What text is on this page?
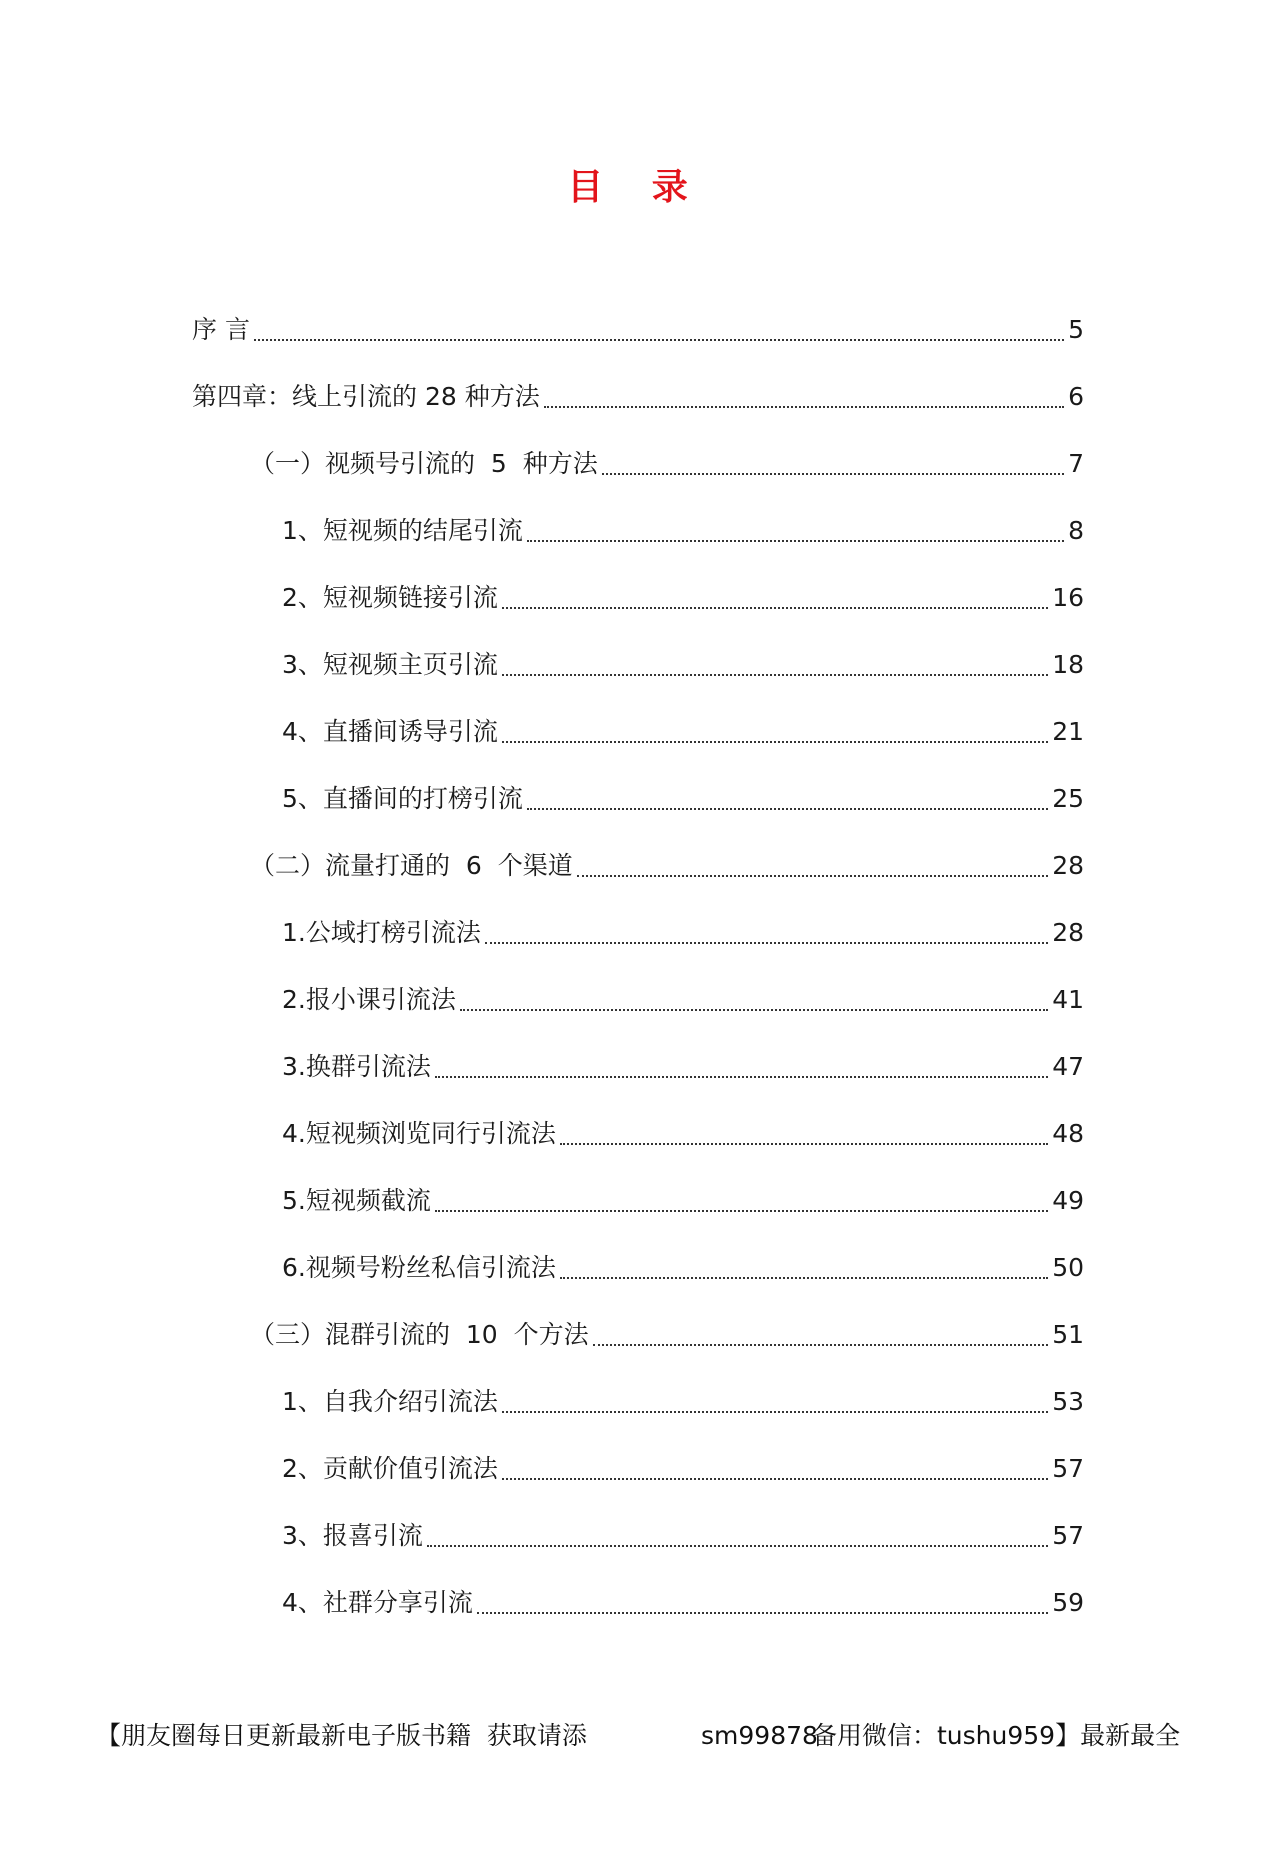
目 录
序 言	5
第四章：线上引流的 28 种方法	6
（一）视频号引流的  5  种方法	7
1、短视频的结尾引流	8
2、短视频链接引流	16
3、短视频主页引流	18
4、直播间诱导引流	21
5、直播间的打榜引流	25
（二）流量打通的  6  个渠道	28
1.公域打榜引流法	28
2.报小课引流法	41
3.换群引流法	47
4.短视频浏览同行引流法	48
5.短视频截流	49
6.视频号粉丝私信引流法	50
（三）混群引流的  10  个方法	51
1、自我介绍引流法	53
2、贡献价值引流法	57
3、报喜引流	57
4、社群分享引流	59

【朋友圈每日更新最新电子版书籍  获取请添

	sm99878

备用微信：tushu959】最新最全
